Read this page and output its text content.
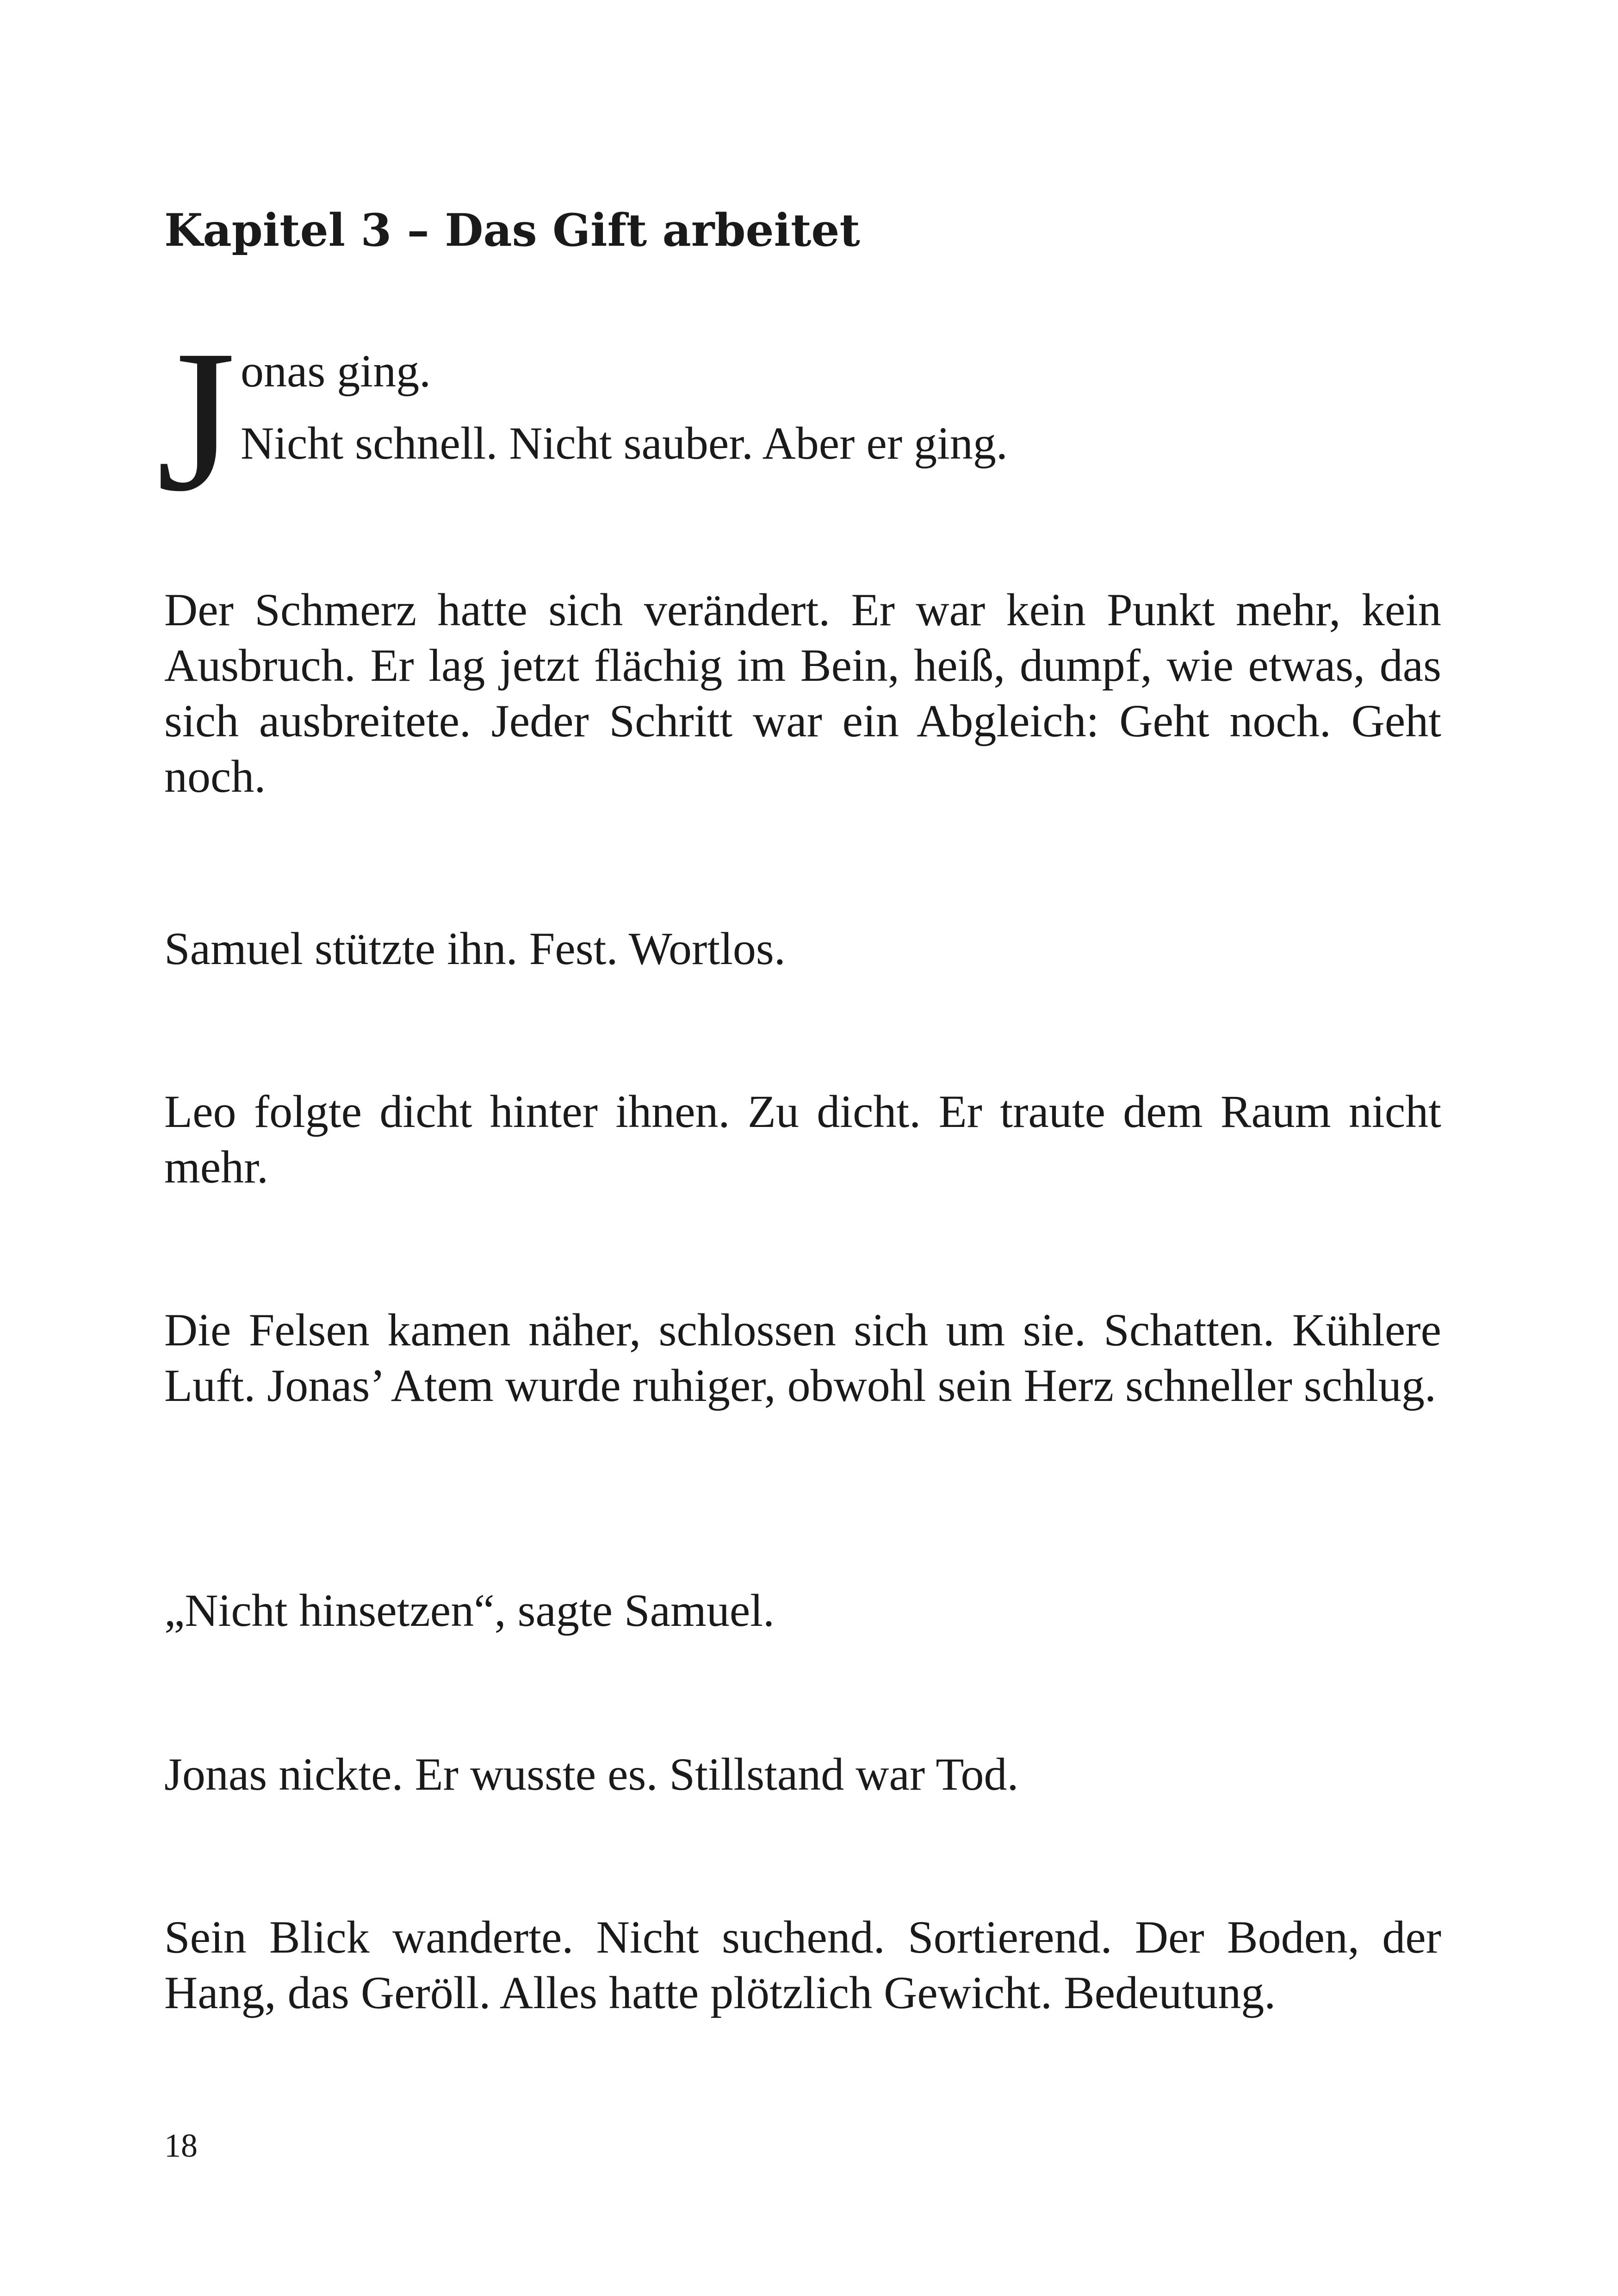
Kapitel 3 – Das Gift arbeitet
J onas ging.
Nicht schnell. Nicht sauber. Aber er ging.

Der Schmerz hatte sich verändert. Er war kein Punkt mehr, kein Ausbruch. Er lag jetzt flächig im Bein, heiß, dumpf, wie etwas, das sich ausbreitete. Jeder Schritt war ein Abgleich: Geht noch. Geht noch.

Samuel stützte ihn. Fest. Wortlos.

Leo folgte dicht hinter ihnen. Zu dicht. Er traute dem Raum nicht mehr.

Die Felsen kamen näher, schlossen sich um sie. Schatten. Kühlere Luft. Jonas’ Atem wurde ruhiger, obwohl sein Herz schneller schlug.

„Nicht hinsetzen“, sagte Samuel.

Jonas nickte. Er wusste es. Stillstand war Tod.

Sein Blick wanderte. Nicht suchend. Sortierend. Der Boden, der Hang, das Geröll. Alles hatte plötzlich Gewicht. Bedeutung.

18
